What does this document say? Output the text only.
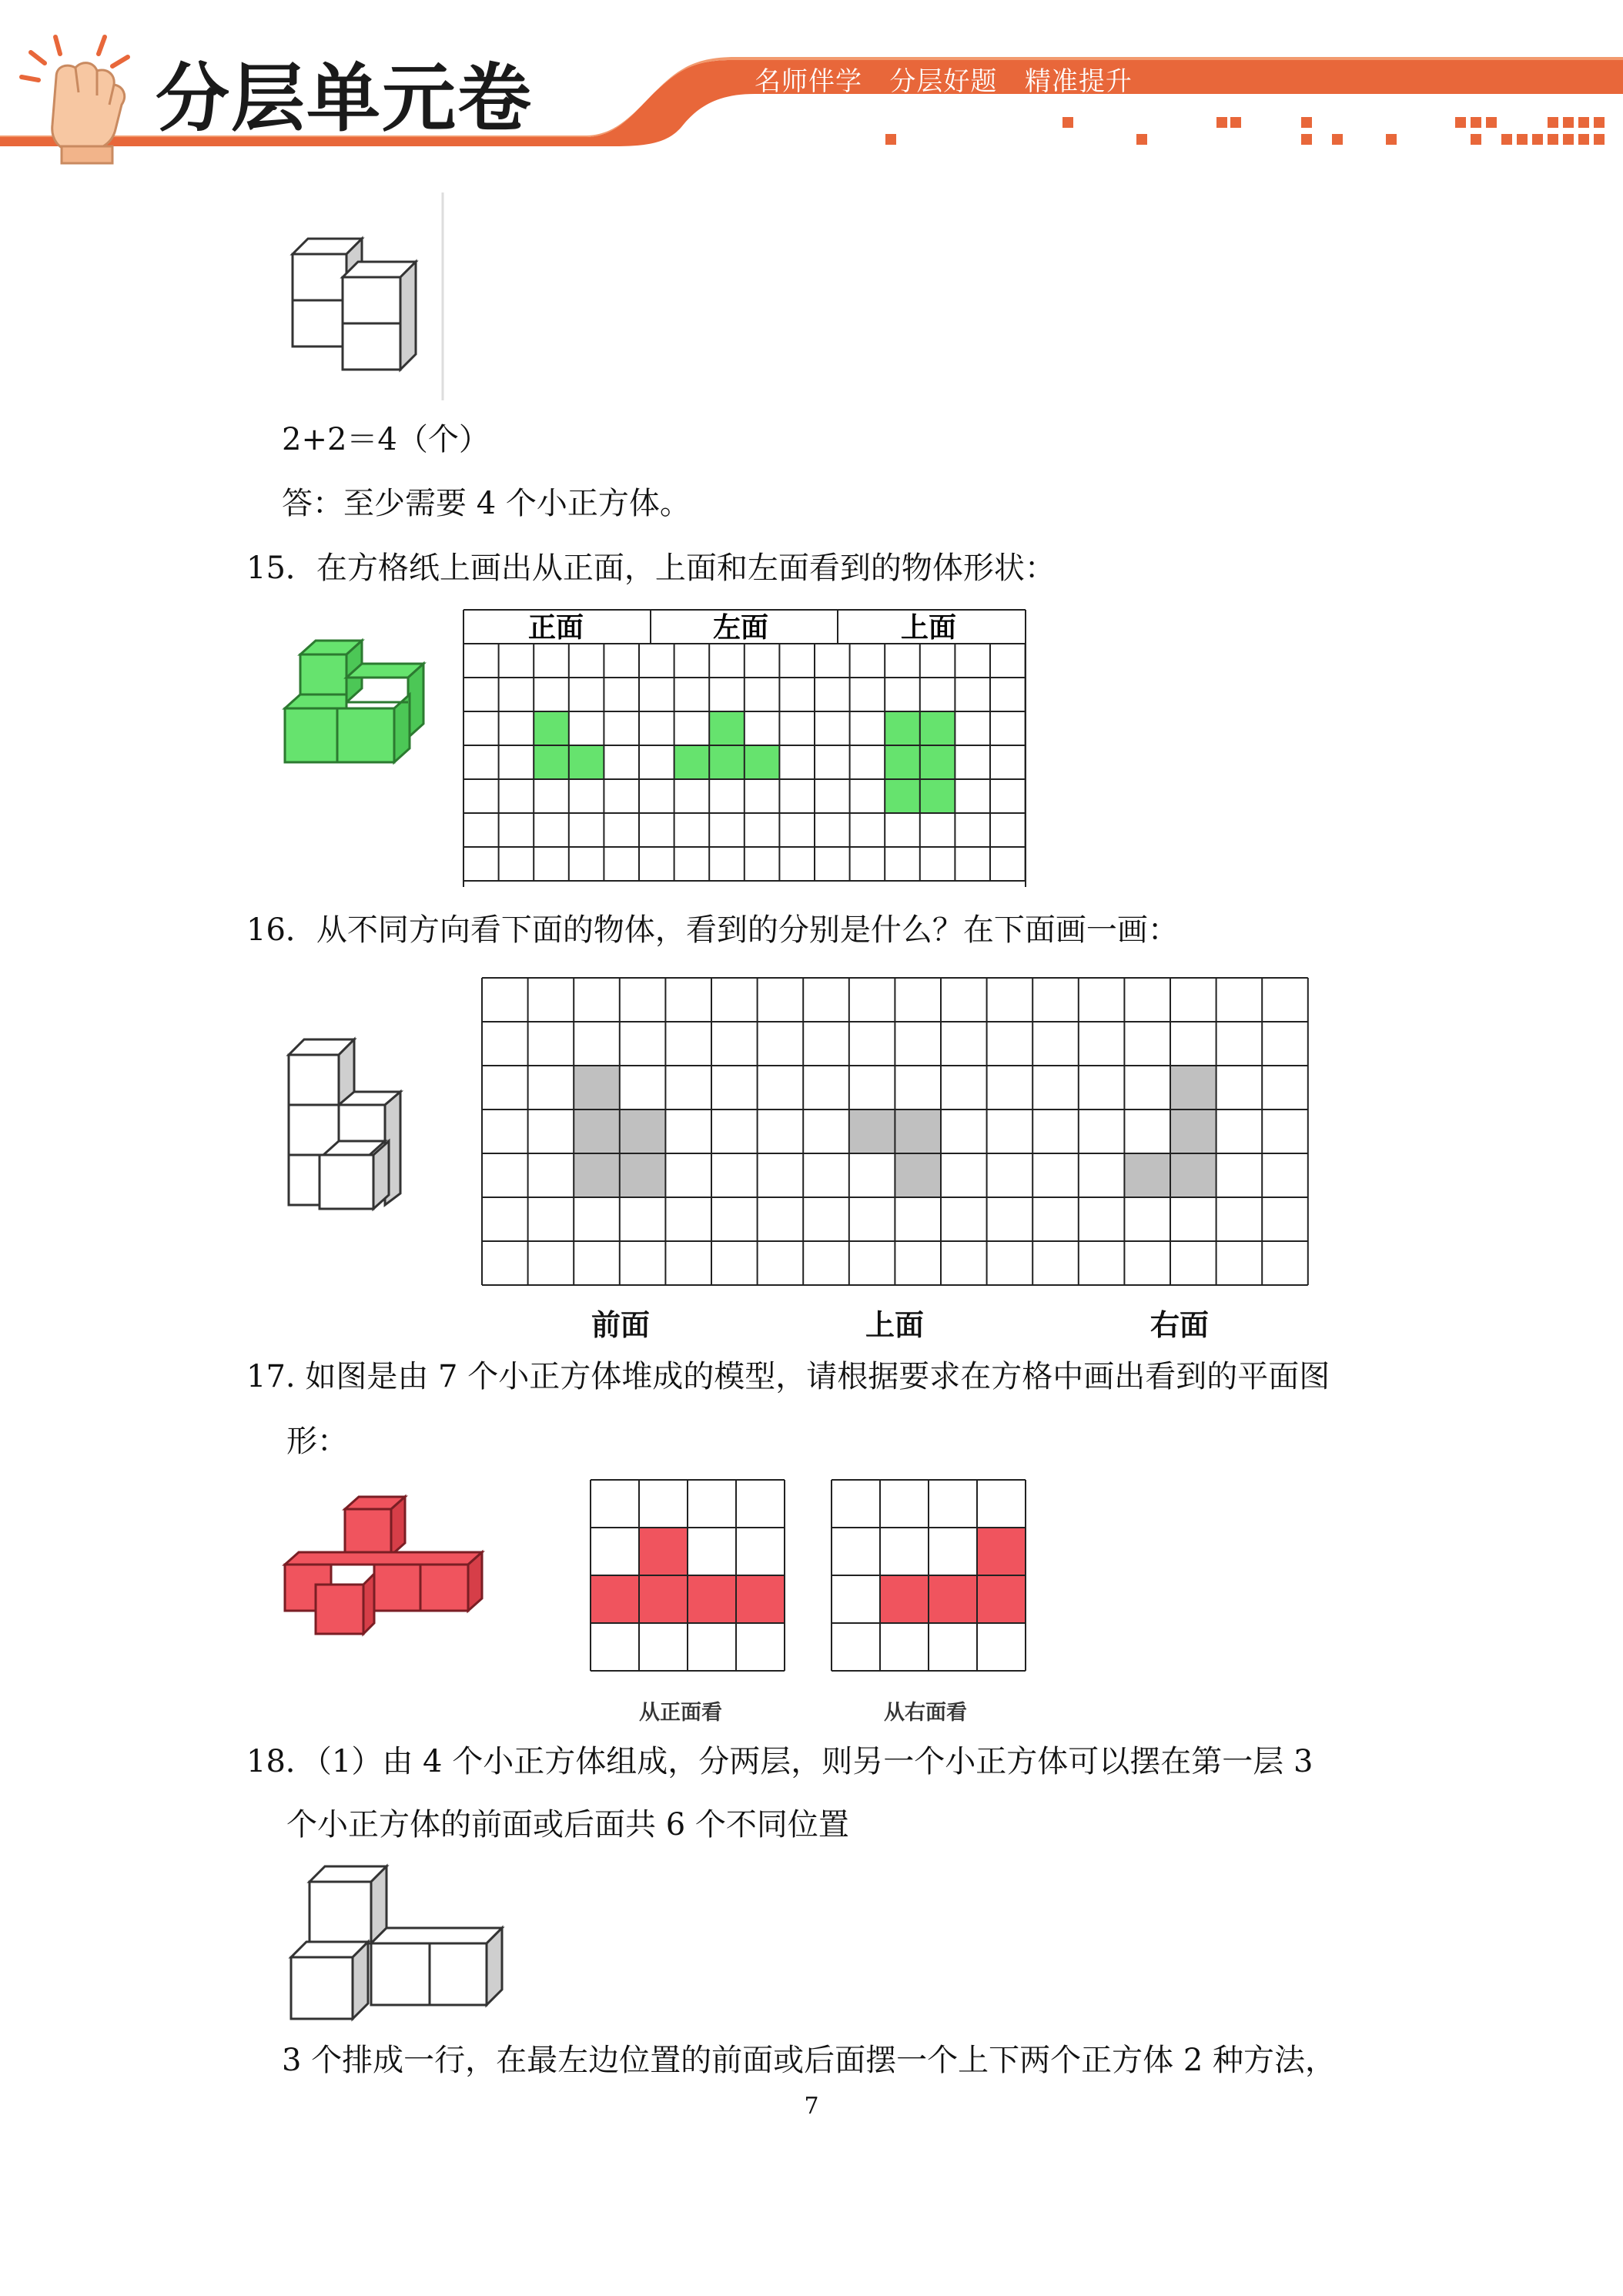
分层单元卷	名师伴学   分层好题   精准提升
2+2＝4（个）
答：至少需要 4 个小正方体。
15．在方格纸上画出从正面，上面和左面看到的物体形状：
正面	左面	上面
16．从不同方向看下面的物体，看到的分别是什么？在下面画一画：
前面	上面	右面
17. 如图是由 7 个小正方体堆成的模型，请根据要求在方格中画出看到的平面图
形：
从正面看	从右面看
18．（1）由 4 个小正方体组成，分两层，则另一个小正方体可以摆在第一层 3
个小正方体的前面或后面共 6 个不同位置
3 个排成一行，在最左边位置的前面或后面摆一个上下两个正方体 2 种方法，
7
